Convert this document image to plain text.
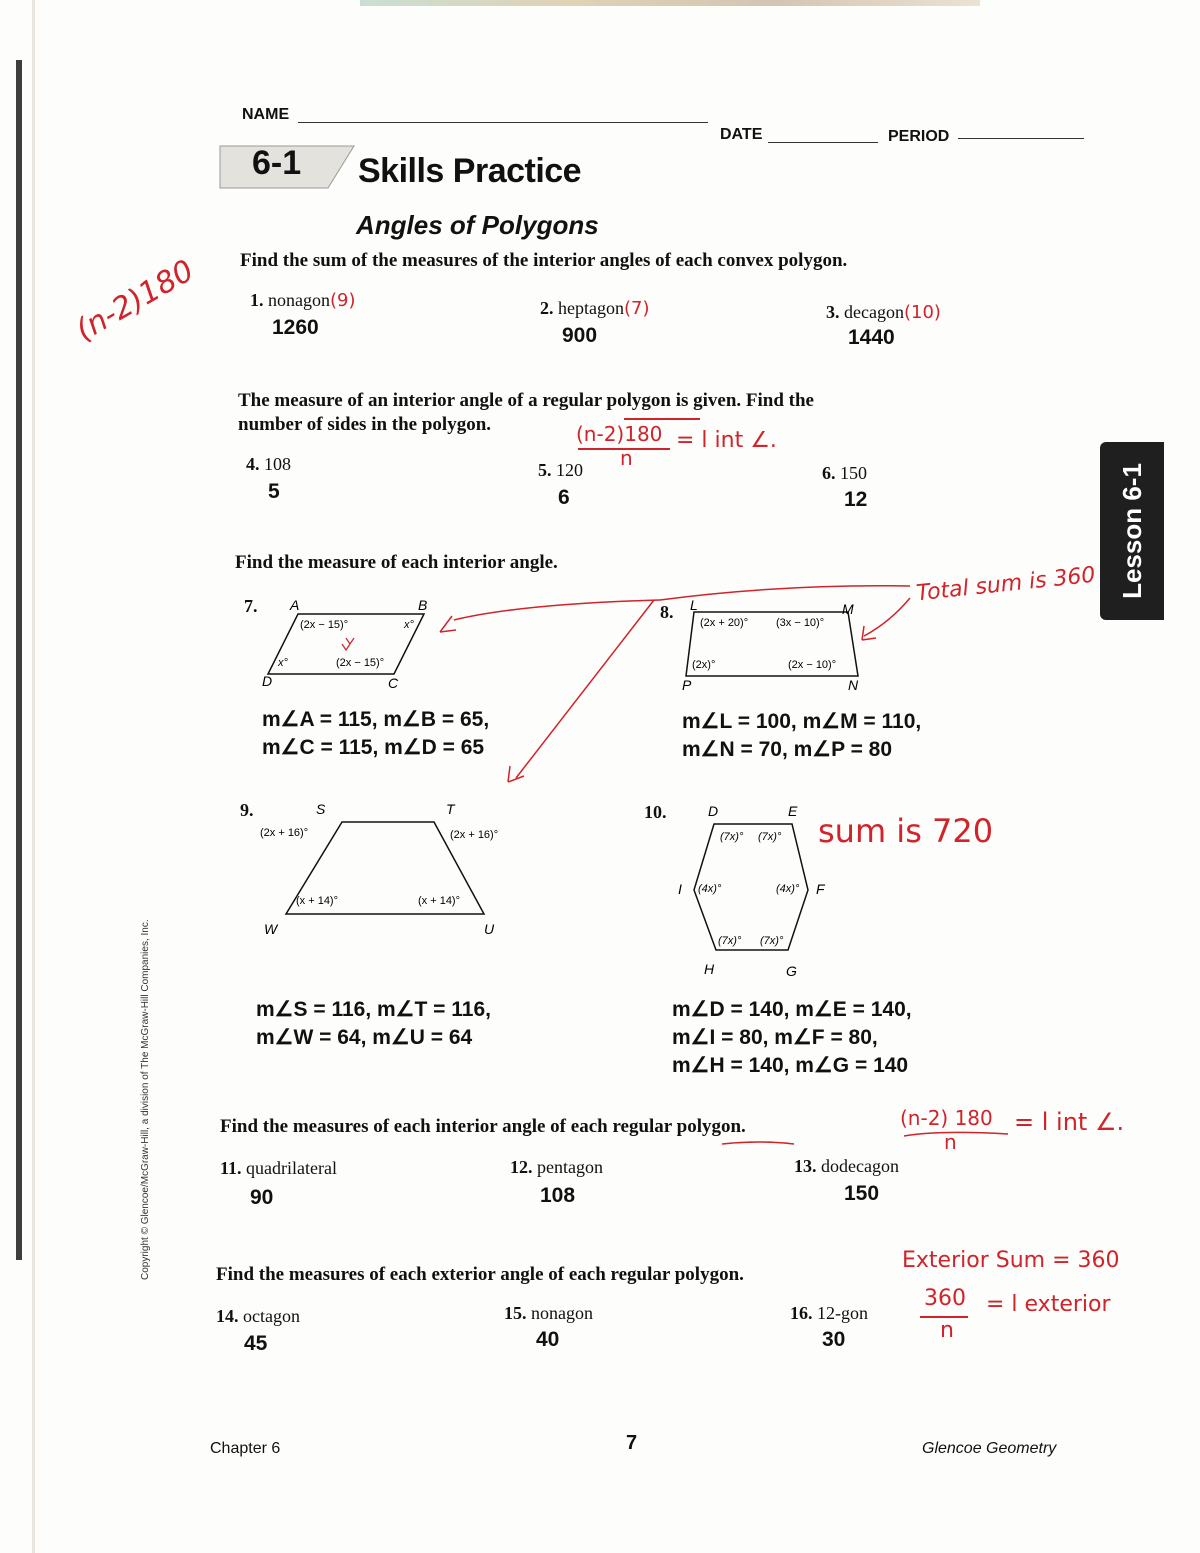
NAME
DATE	PERIOD
6-1 Skills Practice
Angles of Polygons
Lesson 6-1
(n-2)180 Find the sum of the measures of the interior angles of each convex polygon.
1. nonagon(9)
1260
2. heptagon(7)
900
3. decagon(10)
1440
The measure of an interior angle of a regular polygon is given. Find the
number of sides in the polygon.	(n-2)180
n
= l int ∠.
4. 108
5
5. 120
6
6. 150
12
Find the measure of each interior angle.
Total sum is 360
7. A	B
C
D
(2x − 15)°	x°
(2x − 15)°
x°
m∠A = 115, m∠B = 65,
m∠C = 115, m∠D = 65
8. L	M
N
P
(2x + 20)°	(3x − 10)°
(2x)°	(2x − 10)°
m∠L = 100, m∠M = 110,
m∠N = 70, m∠P = 80
9.	S	T
U
W
(2x + 16)°	(2x + 16)°
(x + 14)°	(x + 14)°
m∠S = 116, m∠T = 116,
m∠W = 64, m∠U = 64
10.	D	E
F
G
H
I
(7x)° (7x)°
(4x)°	(4x)°
(7x)° (7x)°
sum is 720
m∠D = 140, m∠E = 140,
m∠I = 80, m∠F = 80,
m∠H = 140, m∠G = 140
Find the measures of each interior angle of each regular polygon.	(n-2) 180
n
= l int ∠.
11. quadrilateral
90
12. pentagon
108
13. dodecagon
150
Find the measures of each exterior angle of each regular polygon.
Exterior Sum = 360
360
n
= l exterior
14. octagon
45
15. nonagon
40
16. 12-gon
30
Copyright © Glencoe/McGraw-Hill, a division of The McGraw-Hill Companies, Inc.
Chapter 6	7	Glencoe Geometry
